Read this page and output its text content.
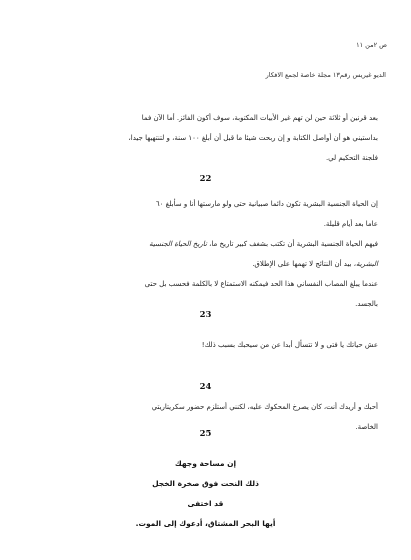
ص ٢من ١١
الديو غيريس رقم١٣ مجلة خاصة لجمع الافكار
بعد قرنين أو ثلاثة حين لن تهم غير الأبيات المكتوبة، سوف أكون الفائز. أما الآن فما
بداستيني هو أن أواصل الكتابة و إن ربحت شيئا ما قبل أن أبلغ ١٠٠ سنة، و لتنتهيها جيدا،
فلجنة التحكيم لي.
22
إن الحياة الجنسية البشرية تكون دائما صبيانية حتى ولو مارستها أنا و سأبلغ ٦٠
عاما بعد أيام قليلة.
فيهم الحياة الجنسية البشرية أن تكتب بشغف كبير تاريخ ما، تاريخ الحياة الجنسية
البشرية، بيد أن النتائج لا تهمها على الإطلاق.
عندما يبلغ المصاب النفساني هذا الحد فيمكنه الاستمتاع لا بالكلمة فحسب بل حتى
بالجسد.
23
عش حياتك يا فتى و لا تتسأل أبدا عن من سيحبك بسبب ذلك!
24
أحبك و أريدك أنت، كان يصرخ المحكوك عليه، لكنني أستلزم حضور سكريتاريتي
الخاصة.
25
إن مساحة وجهك
ذلك النحت فوق صخرة الخجل
قد اختفى
أيها البحر المشتاق، أدعوك إلى الموت.
